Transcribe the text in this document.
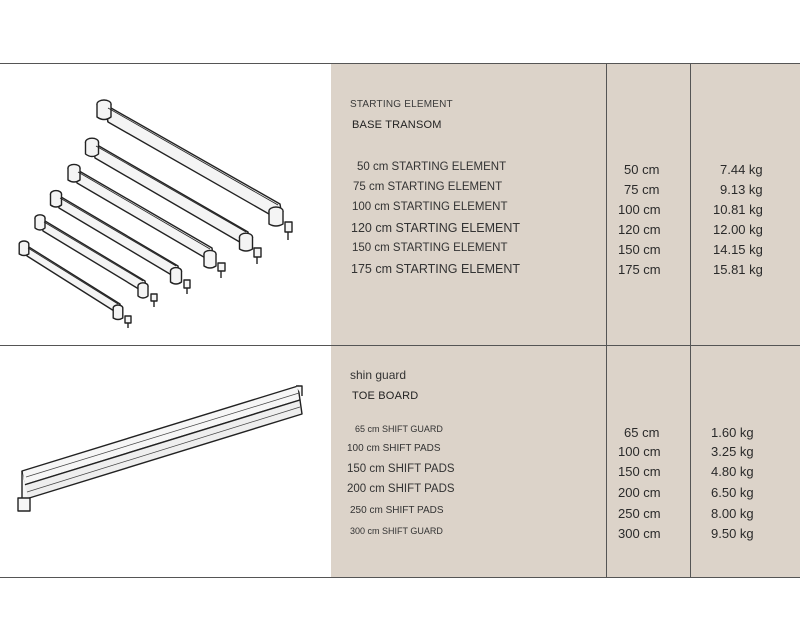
STARTING ELEMENT
BASE TRANSOM
50 cm STARTING ELEMENT
75 cm STARTING ELEMENT
100 cm STARTING ELEMENT
120 cm STARTING ELEMENT
150 cm STARTING ELEMENT
175 cm STARTING ELEMENT
50 cm
75 cm
100 cm
120 cm
150 cm
175 cm
7.44 kg
9.13 kg
10.81 kg
12.00 kg
14.15 kg
15.81 kg
shin guard
TOE BOARD
65 cm SHIFT GUARD
100 cm SHIFT PADS
150 cm SHIFT PADS
200 cm SHIFT PADS
250 cm SHIFT PADS
300 cm SHIFT GUARD
65 cm
100 cm
150 cm
200 cm
250 cm
300 cm
1.60 kg
3.25 kg
4.80 kg
6.50 kg
8.00 kg
9.50 kg
